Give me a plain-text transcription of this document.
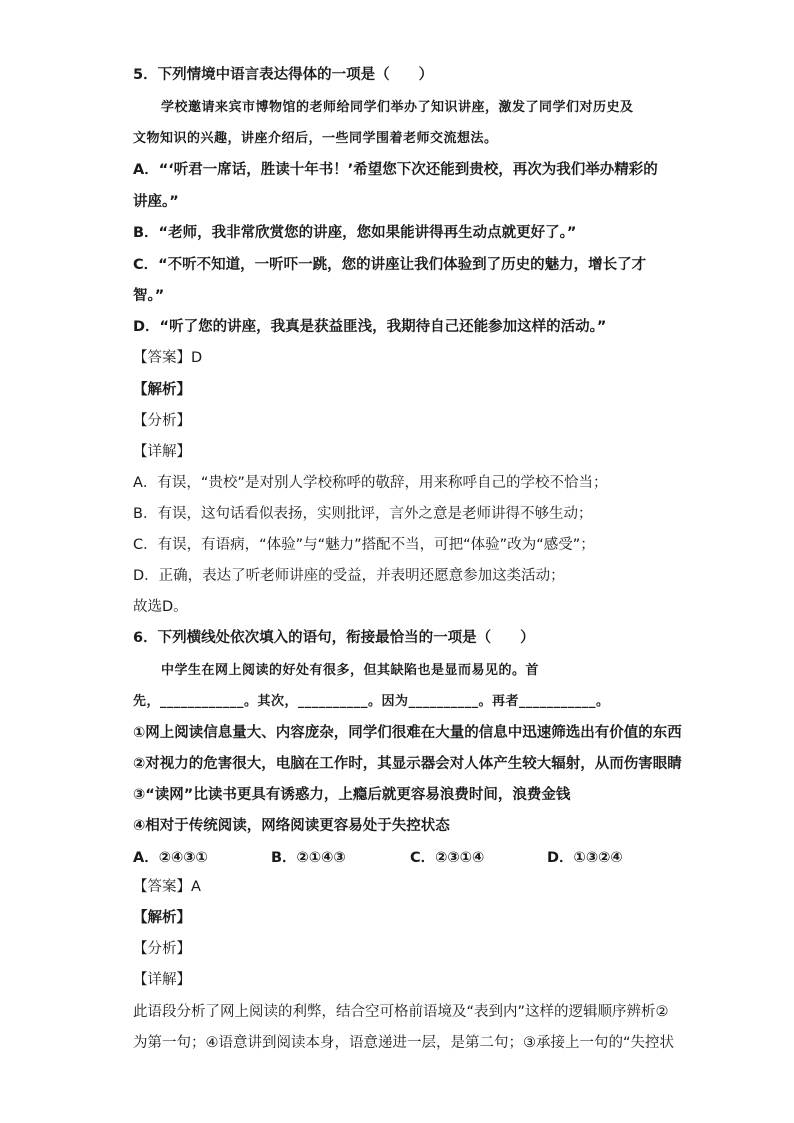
5．下列情境中语言表达得体的一项是（　　）
学校邀请来宾市博物馆的老师给同学们举办了知识讲座，激发了同学们对历史及
文物知识的兴趣，讲座介绍后，一些同学围着老师交流想法。
A．“‘听君一席话，胜读十年书！’希望您下次还能到贵校，再次为我们举办精彩的
讲座。”
B．“老师，我非常欣赏您的讲座，您如果能讲得再生动点就更好了。”
C．“不听不知道，一听吓一跳，您的讲座让我们体验到了历史的魅力，增长了才
智。”
D．“听了您的讲座，我真是获益匪浅，我期待自己还能参加这样的活动。”
【答案】D
【解析】
【分析】
【详解】
A．有误，“贵校”是对别人学校称呼的敬辞，用来称呼自己的学校不恰当；
B．有误，这句话看似表扬，实则批评，言外之意是老师讲得不够生动；
C．有误，有语病，“体验”与“魅力”搭配不当，可把“体验”改为“感受”；
D．正确，表达了听老师讲座的受益，并表明还愿意参加这类活动；
故选D。
6．下列横线处依次填入的语句，衔接最恰当的一项是（　　）
中学生在网上阅读的好处有很多，但其缺陷也是显而易见的。首
先，____________。其次，__________。因为__________。再者___________。
①网上阅读信息量大、内容庞杂，同学们很难在大量的信息中迅速筛选出有价值的东西
②对视力的危害很大，电脑在工作时，其显示器会对人体产生较大辐射，从而伤害眼睛
③“读网”比读书更具有诱惑力，上瘾后就更容易浪费时间，浪费金钱
④相对于传统阅读，网络阅读更容易处于失控状态
A．②④③①	B．②①④③	C．②③①④	D．①③②④
【答案】A
【解析】
【分析】
【详解】
此语段分析了网上阅读的利弊，结合空可格前语境及“表到内”这样的逻辑顺序辨析②
为第一句；④语意讲到阅读本身，语意递进一层，是第二句；③承接上一句的“失控状
